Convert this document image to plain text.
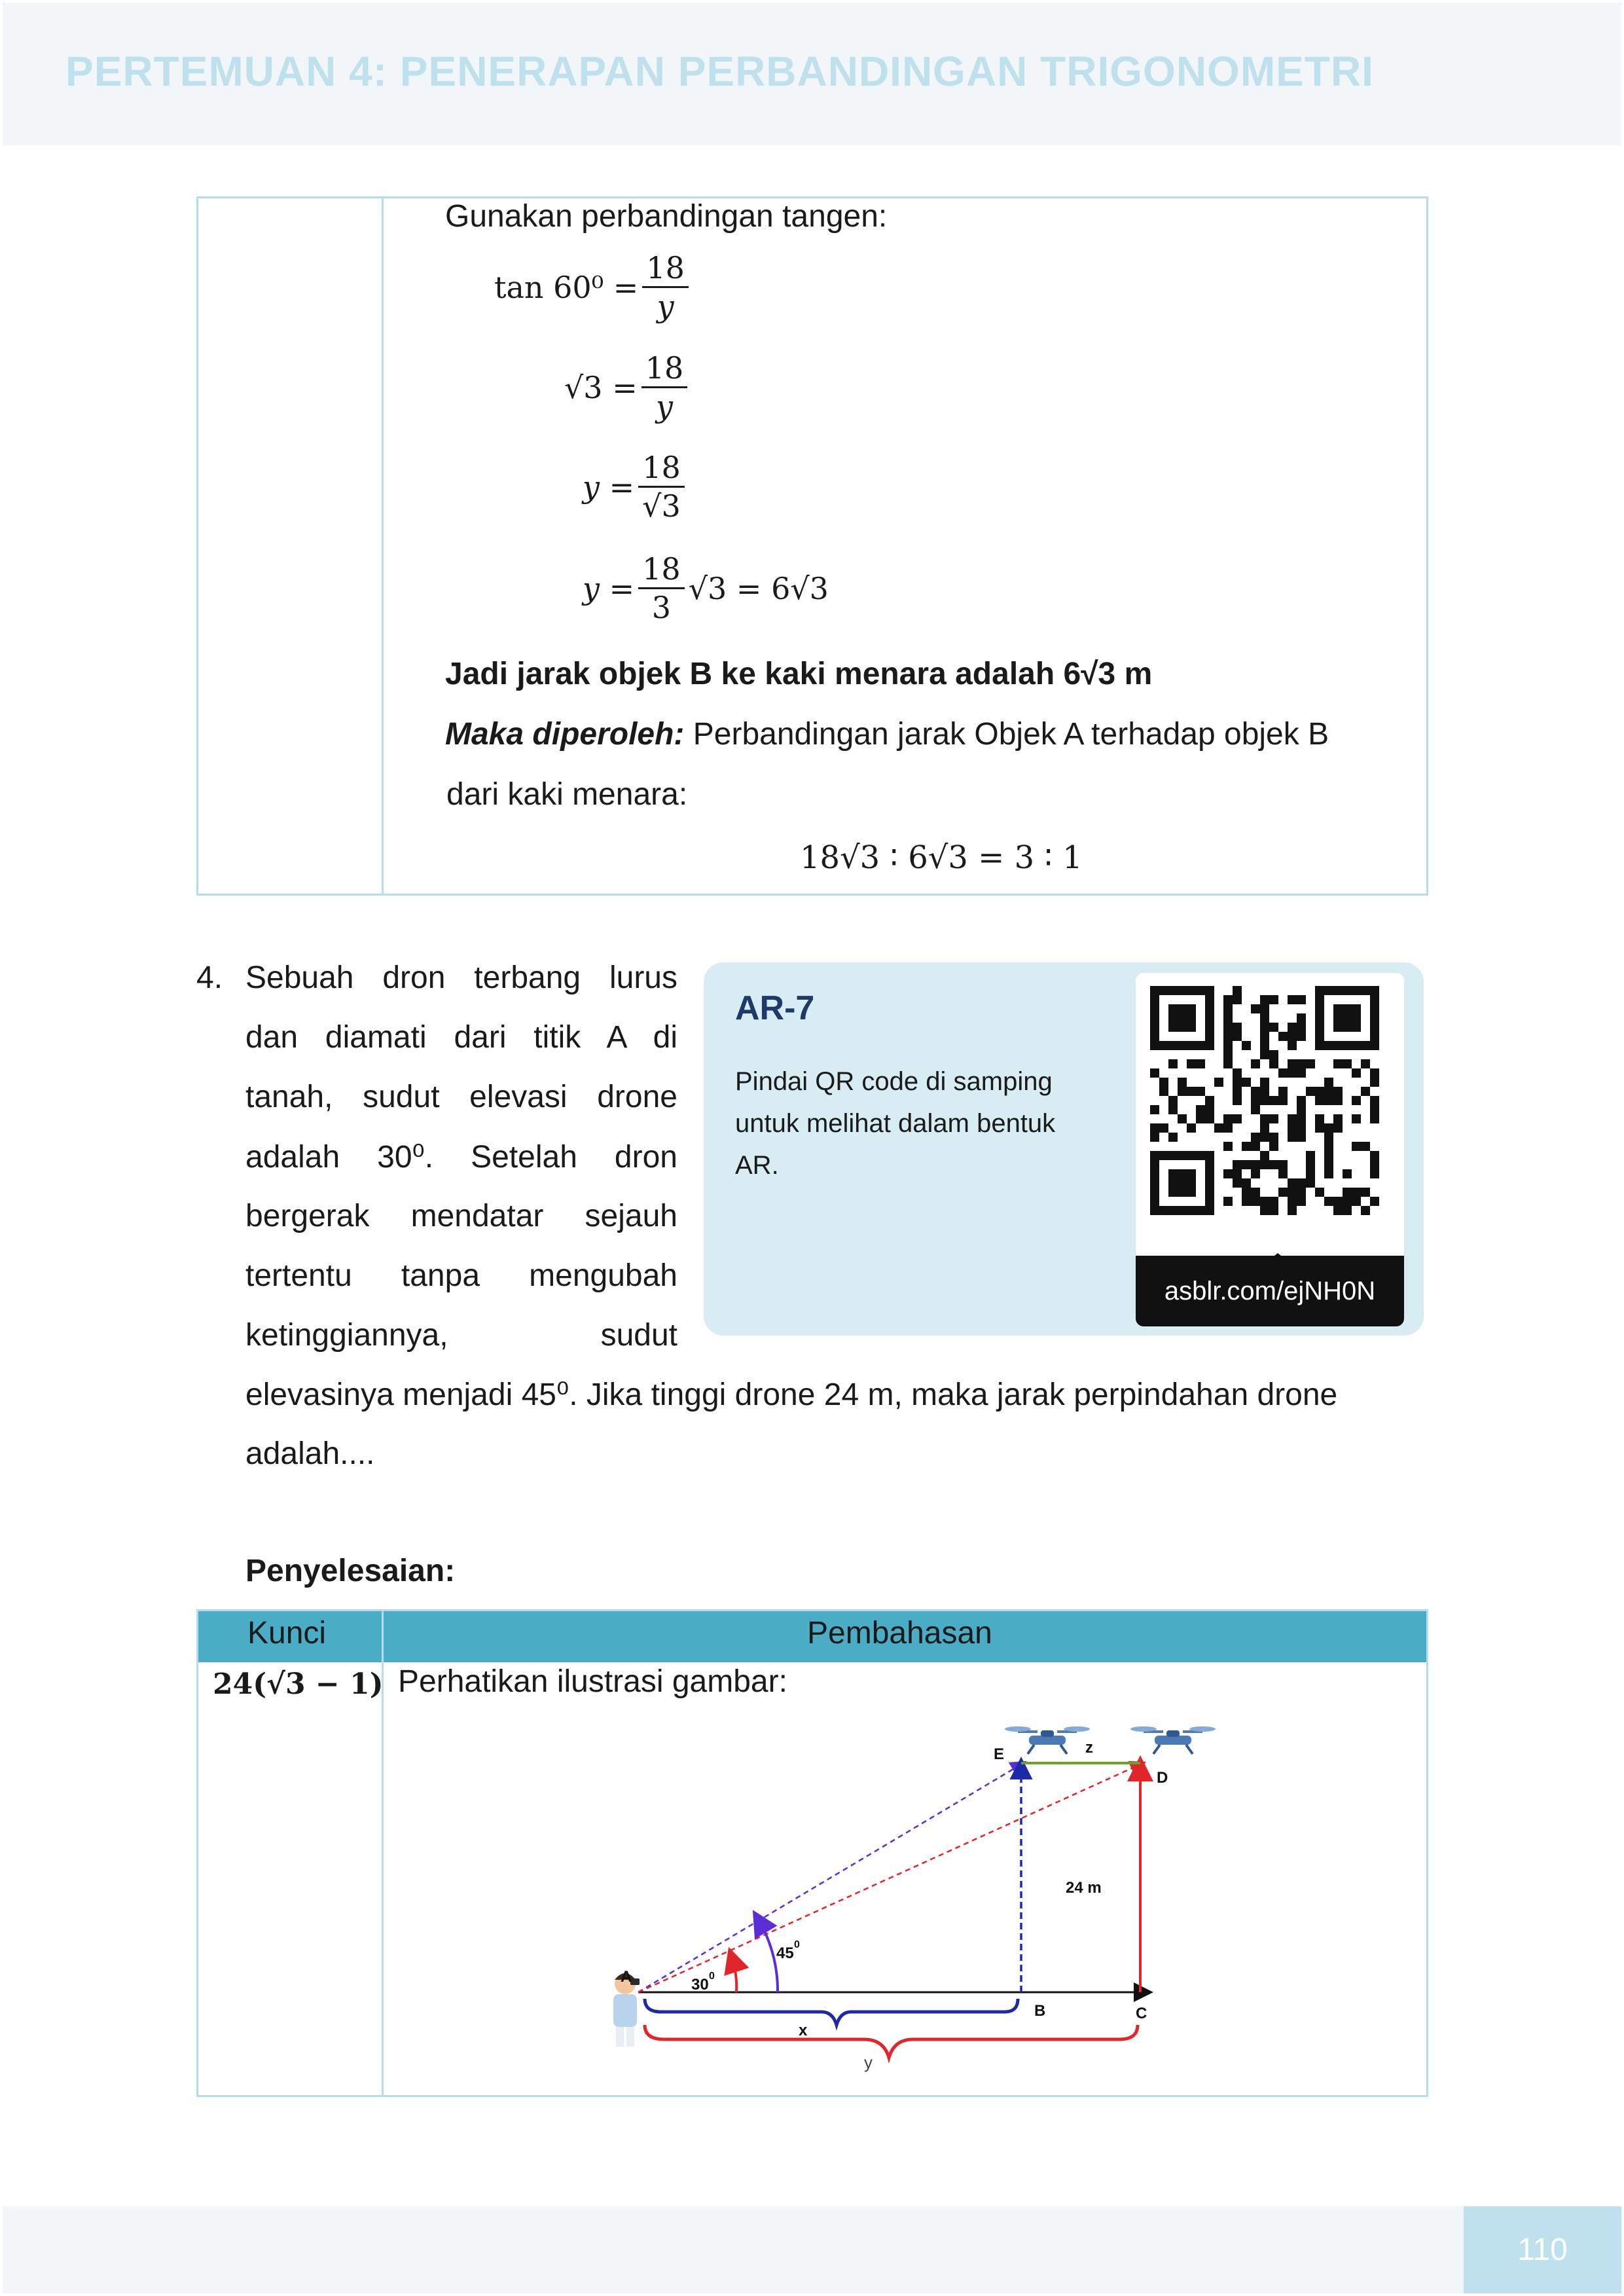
PERTEMUAN 4: PENERAPAN PERBANDINGAN TRIGONOMETRI
Gunakan perbandingan tangen:
$\tan 60^0 = \frac{18}{y}$
$√3 = \frac{18}{y}$
$y = \frac{18}{√3}$
$y = \frac{18}{3} √3 = 6√3$
Jadi jarak objek B ke kaki menara adalah 6√3 m
Maka diperoleh: Perbandingan jarak Objek A terhadap objek B
dari kaki menara:
18√3 ∶ 6√3 = 3 ∶ 1
4. Sebuah dron terbang lurus
dan diamati dari titik A di
tanah, sudut elevasi drone
adalah 30⁰. Setelah dron
bergerak mendatar sejauh
tertentu tanpa mengubah
ketinggiannya, sudut
elevasinya menjadi 45⁰. Jika tinggi drone 24 m, maka jarak perpindahan drone
adalah....
AR-7
Pindai QR code di samping untuk melihat dalam bentuk AR.
asblr.com/ejNH0N
Penyelesaian:
Kunci	Pembahasan
24(√3 − 1) Perhatikan ilustrasi gambar:
A
B	C
D
E	z
x
24 m
30 0
45 0
y
110
